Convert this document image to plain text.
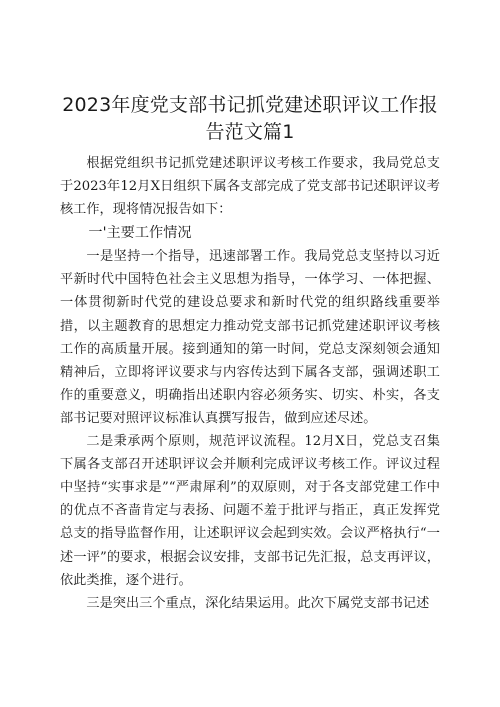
2023年度党支部书记抓党建述职评议工作报
告范文篇1

根据党组织书记抓党建述职评议考核工作要求，我局党总支于2023年12月X日组织下属各支部完成了党支部书记述职评议考核工作，现将情况报告如下：

一'主要工作情况

一是坚持一个指导，迅速部署工作。我局党总支坚持以习近平新时代中国特色社会主义思想为指导，一体学习、一体把握、一体贯彻新时代党的建设总要求和新时代党的组织路线重要举措，以主题教育的思想定力推动党支部书记抓党建述职评议考核工作的高质量开展。接到通知的第一时间，党总支深刻领会通知精神后，立即将评议要求与内容传达到下属各支部，强调述职工作的重要意义，明确指出述职内容必须务实、切实、朴实，各支部书记要对照评议标准认真撰写报告，做到应述尽述。

二是秉承两个原则，规范评议流程。12月X日，党总支召集下属各支部召开述职评议会并顺利完成评议考核工作。评议过程中坚持“实事求是”“严肃犀利”的双原则，对于各支部党建工作中的优点不吝啬肯定与表扬、问题不羞于批评与指正，真正发挥党总支的指导监督作用，让述职评议会起到实效。会议严格执行“一述一评”的要求，根据会议安排，支部书记先汇报，总支再评议，依此类推，逐个进行。

三是突出三个重点，深化结果运用。此次下属党支部书记述
